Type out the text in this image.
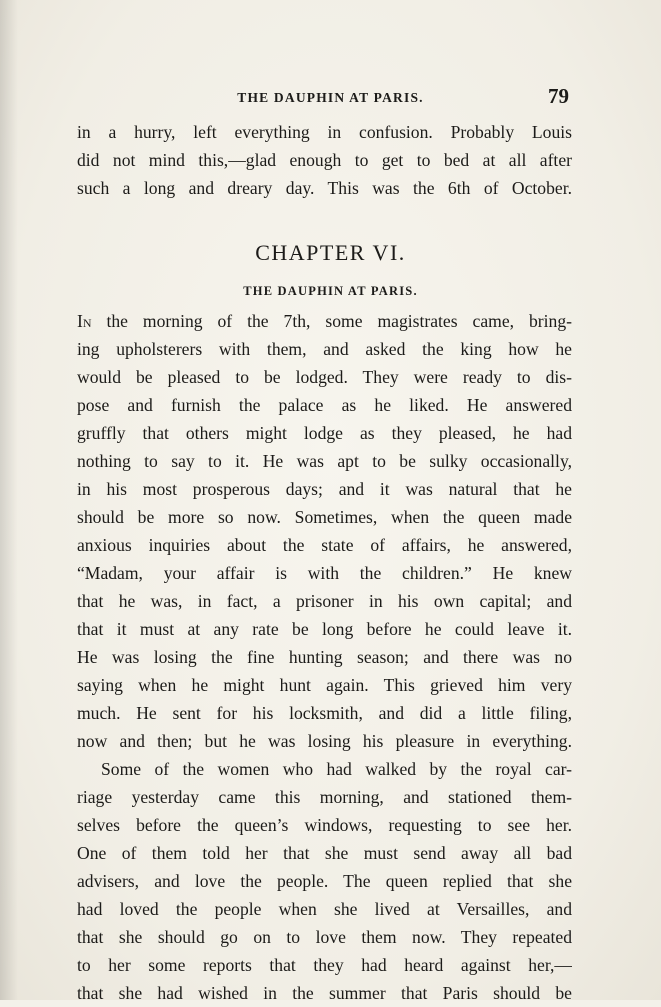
THE DAUPHIN AT PARIS.	79
in a hurry, left everything in confusion. Probably Louis
did not mind this,—glad enough to get to bed at all after
such a long and dreary day. This was the 6th of October.
CHAPTER VI.
THE DAUPHIN AT PARIS.
In the morning of the 7th, some magistrates came, bring-
ing upholsterers with them, and asked the king how he
would be pleased to be lodged. They were ready to dis-
pose and furnish the palace as he liked. He answered
gruffly that others might lodge as they pleased, he had
nothing to say to it. He was apt to be sulky occasionally,
in his most prosperous days; and it was natural that he
should be more so now. Sometimes, when the queen made
anxious inquiries about the state of affairs, he answered,
“Madam, your affair is with the children.” He knew
that he was, in fact, a prisoner in his own capital; and
that it must at any rate be long before he could leave it.
He was losing the fine hunting season; and there was no
saying when he might hunt again. This grieved him very
much. He sent for his locksmith, and did a little filing,
now and then; but he was losing his pleasure in everything.
Some of the women who had walked by the royal car-
riage yesterday came this morning, and stationed them-
selves before the queen’s windows, requesting to see her.
One of them told her that she must send away all bad
advisers, and love the people. The queen replied that she
had loved the people when she lived at Versailles, and
that she should go on to love them now. They repeated
to her some reports that they had heard against her,—
that she had wished in the summer that Paris should be
